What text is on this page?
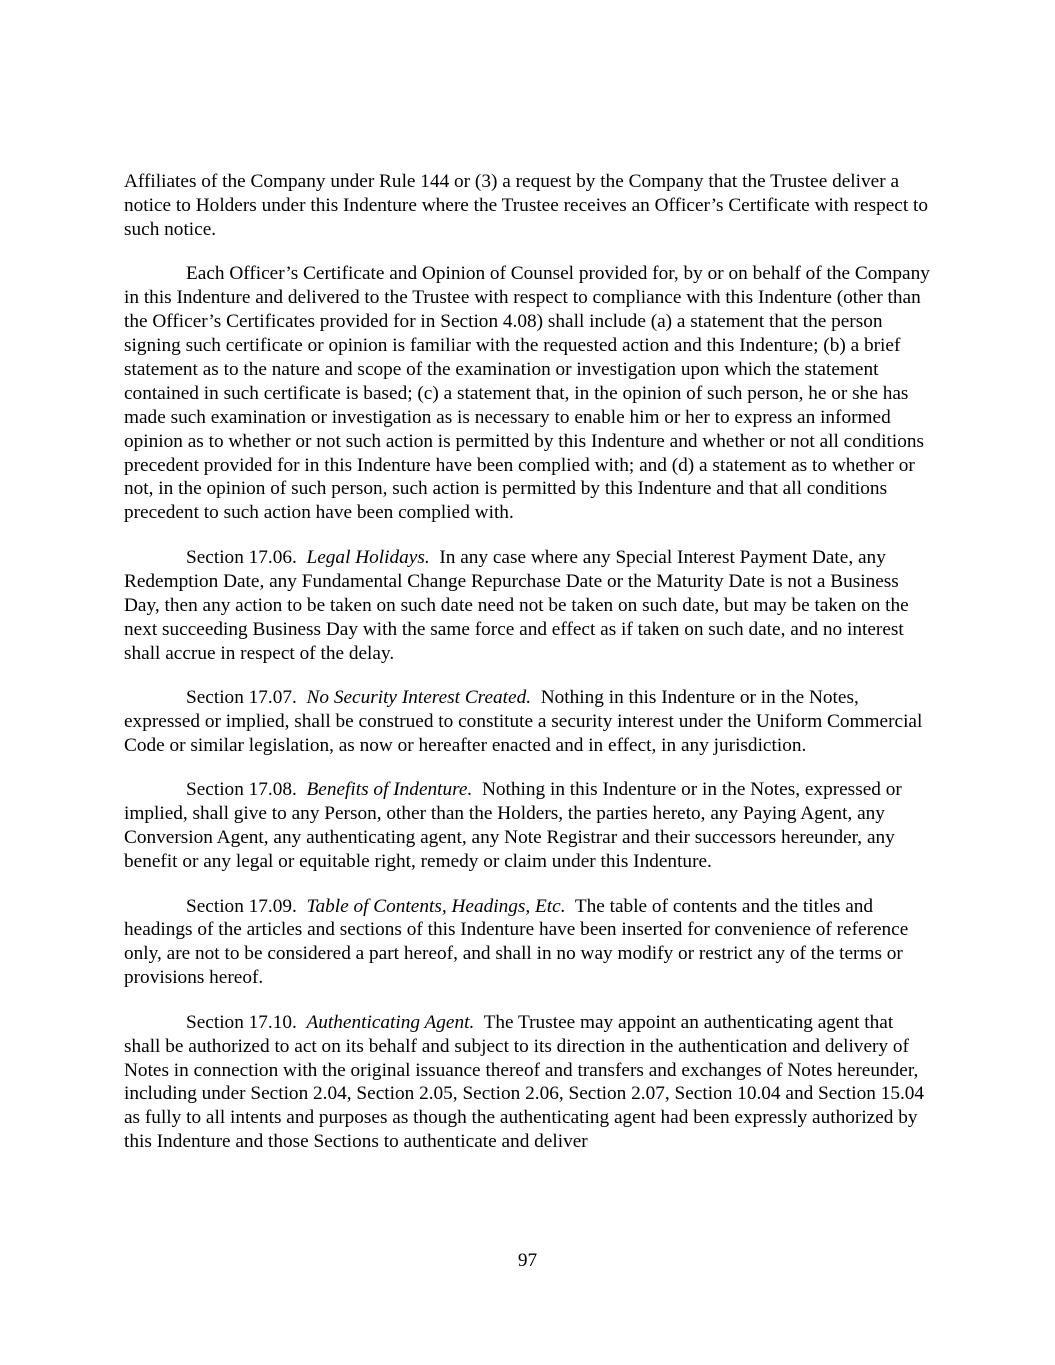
Affiliates of the Company under Rule 144 or (3) a request by the Company that the Trustee deliver a notice to Holders under this Indenture where the Trustee receives an Officer’s Certificate with respect to such notice.

Each Officer’s Certificate and Opinion of Counsel provided for, by or on behalf of the Company in this Indenture and delivered to the Trustee with respect to compliance with this Indenture (other than the Officer’s Certificates provided for in Section 4.08) shall include (a) a statement that the person signing such certificate or opinion is familiar with the requested action and this Indenture; (b) a brief statement as to the nature and scope of the examination or investigation upon which the statement contained in such certificate is based; (c) a statement that, in the opinion of such person, he or she has made such examination or investigation as is necessary to enable him or her to express an informed opinion as to whether or not such action is permitted by this Indenture and whether or not all conditions precedent provided for in this Indenture have been complied with; and (d) a statement as to whether or not, in the opinion of such person, such action is permitted by this Indenture and that all conditions precedent to such action have been complied with.

Section 17.06. Legal Holidays. In any case where any Special Interest Payment Date, any Redemption Date, any Fundamental Change Repurchase Date or the Maturity Date is not a Business Day, then any action to be taken on such date need not be taken on such date, but may be taken on the next succeeding Business Day with the same force and effect as if taken on such date, and no interest shall accrue in respect of the delay.

Section 17.07. No Security Interest Created. Nothing in this Indenture or in the Notes, expressed or implied, shall be construed to constitute a security interest under the Uniform Commercial Code or similar legislation, as now or hereafter enacted and in effect, in any jurisdiction.

Section 17.08. Benefits of Indenture. Nothing in this Indenture or in the Notes, expressed or implied, shall give to any Person, other than the Holders, the parties hereto, any Paying Agent, any Conversion Agent, any authenticating agent, any Note Registrar and their successors hereunder, any benefit or any legal or equitable right, remedy or claim under this Indenture.

Section 17.09. Table of Contents, Headings, Etc. The table of contents and the titles and headings of the articles and sections of this Indenture have been inserted for convenience of reference only, are not to be considered a part hereof, and shall in no way modify or restrict any of the terms or provisions hereof.

Section 17.10. Authenticating Agent. The Trustee may appoint an authenticating agent that shall be authorized to act on its behalf and subject to its direction in the authentication and delivery of Notes in connection with the original issuance thereof and transfers and exchanges of Notes hereunder, including under Section 2.04, Section 2.05, Section 2.06, Section 2.07, Section 10.04 and Section 15.04 as fully to all intents and purposes as though the authenticating agent had been expressly authorized by this Indenture and those Sections to authenticate and deliver

97
